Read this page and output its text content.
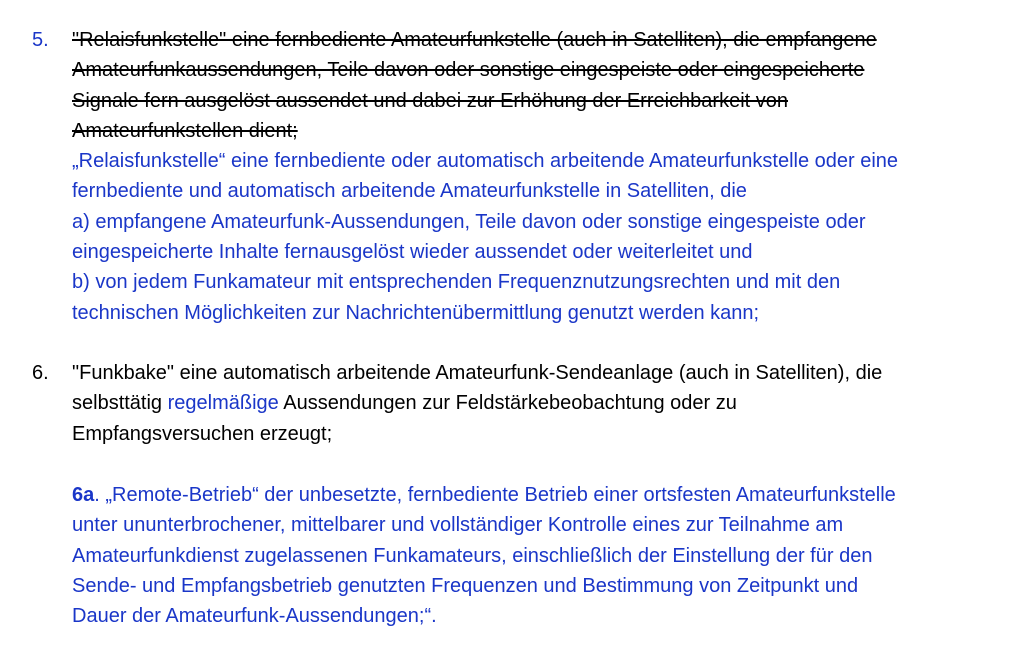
5. "Relaisfunkstelle" eine fernbediente Amateurfunkstelle (auch in Satelliten), die empfangene
Amateurfunkaussendungen, Teile davon oder sonstige eingespeiste oder eingespeicherte
Signale fern ausgelöst aussendet und dabei zur Erhöhung der Erreichbarkeit von
Amateurfunkstellen dient;
„Relaisfunkstelle“ eine fernbediente oder automatisch arbeitende Amateurfunkstelle oder eine
fernbediente und automatisch arbeitende Amateurfunkstelle in Satelliten, die
a) empfangene Amateurfunk-Aussendungen, Teile davon oder sonstige eingespeiste oder
eingespeicherte Inhalte fernausgelöst wieder aussendet oder weiterleitet und
b) von jedem Funkamateur mit entsprechenden Frequenznutzungsrechten und mit den
technischen Möglichkeiten zur Nachrichtenübermittlung genutzt werden kann;
6. "Funkbake" eine automatisch arbeitende Amateurfunk-Sendeanlage (auch in Satelliten), die
selbsttätig regelmäßige Aussendungen zur Feldstärkebeobachtung oder zu
Empfangsversuchen erzeugt;
6a. „Remote-Betrieb“ der unbesetzte, fernbediente Betrieb einer ortsfesten Amateurfunkstelle
unter ununterbrochener, mittelbarer und vollständiger Kontrolle eines zur Teilnahme am
Amateurfunkdienst zugelassenen Funkamateurs, einschließlich der Einstellung der für den
Sende- und Empfangsbetrieb genutzten Frequenzen und Bestimmung von Zeitpunkt und
Dauer der Amateurfunk-Aussendungen;“.
